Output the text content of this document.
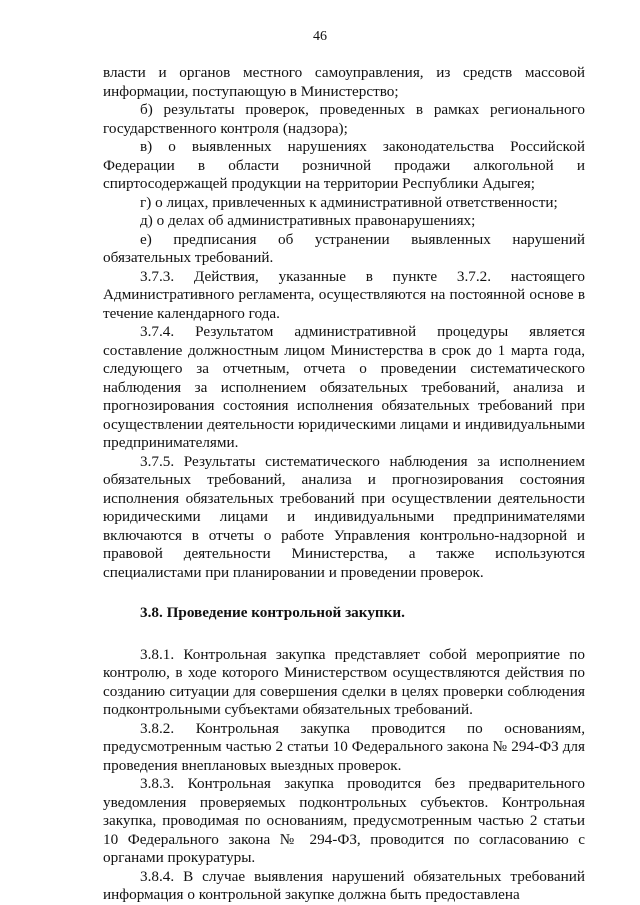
46

власти и органов местного самоуправления, из средств массовой информации, поступающую в Министерство;

б) результаты проверок, проведенных в рамках регионального государственного контроля (надзора);

в) о выявленных нарушениях законодательства Российской Федерации в области розничной продажи алкогольной и спиртосодержащей продукции на территории Республики Адыгея;

г) о лицах, привлеченных к административной ответственности;

д) о делах об административных правонарушениях;

е) предписания об устранении выявленных нарушений обязательных требований.

3.7.3. Действия, указанные в пункте 3.7.2. настоящего Административного регламента, осуществляются на постоянной основе в течение календарного года.

3.7.4. Результатом административной процедуры является составление должностным лицом Министерства в срок до 1 марта года, следующего за отчетным, отчета о проведении систематического наблюдения за исполнением обязательных требований, анализа и прогнозирования состояния исполнения обязательных требований при осуществлении деятельности юридическими лицами и индивидуальными предпринимателями.

3.7.5. Результаты систематического наблюдения за исполнением обязательных требований, анализа и прогнозирования состояния исполнения обязательных требований при осуществлении деятельности юридическими лицами и индивидуальными предпринимателями включаются в отчеты о работе Управления контрольно-надзорной и правовой деятельности Министерства, а также используются специалистами при планировании и проведении проверок.

3.8. Проведение контрольной закупки.

3.8.1. Контрольная закупка представляет собой мероприятие по контролю, в ходе которого Министерством осуществляются действия по созданию ситуации для совершения сделки в целях проверки соблюдения подконтрольными субъектами обязательных требований.

3.8.2. Контрольная закупка проводится по основаниям, предусмотренным частью 2 статьи 10 Федерального закона № 294-ФЗ для проведения внеплановых выездных проверок.

3.8.3. Контрольная закупка проводится без предварительного уведомления проверяемых подконтрольных субъектов. Контрольная закупка, проводимая по основаниям, предусмотренным частью 2 статьи 10 Федерального закона № 294-ФЗ, проводится по согласованию с органами прокуратуры.

3.8.4. В случае выявления нарушений обязательных требований информация о контрольной закупке должна быть предоставлена
